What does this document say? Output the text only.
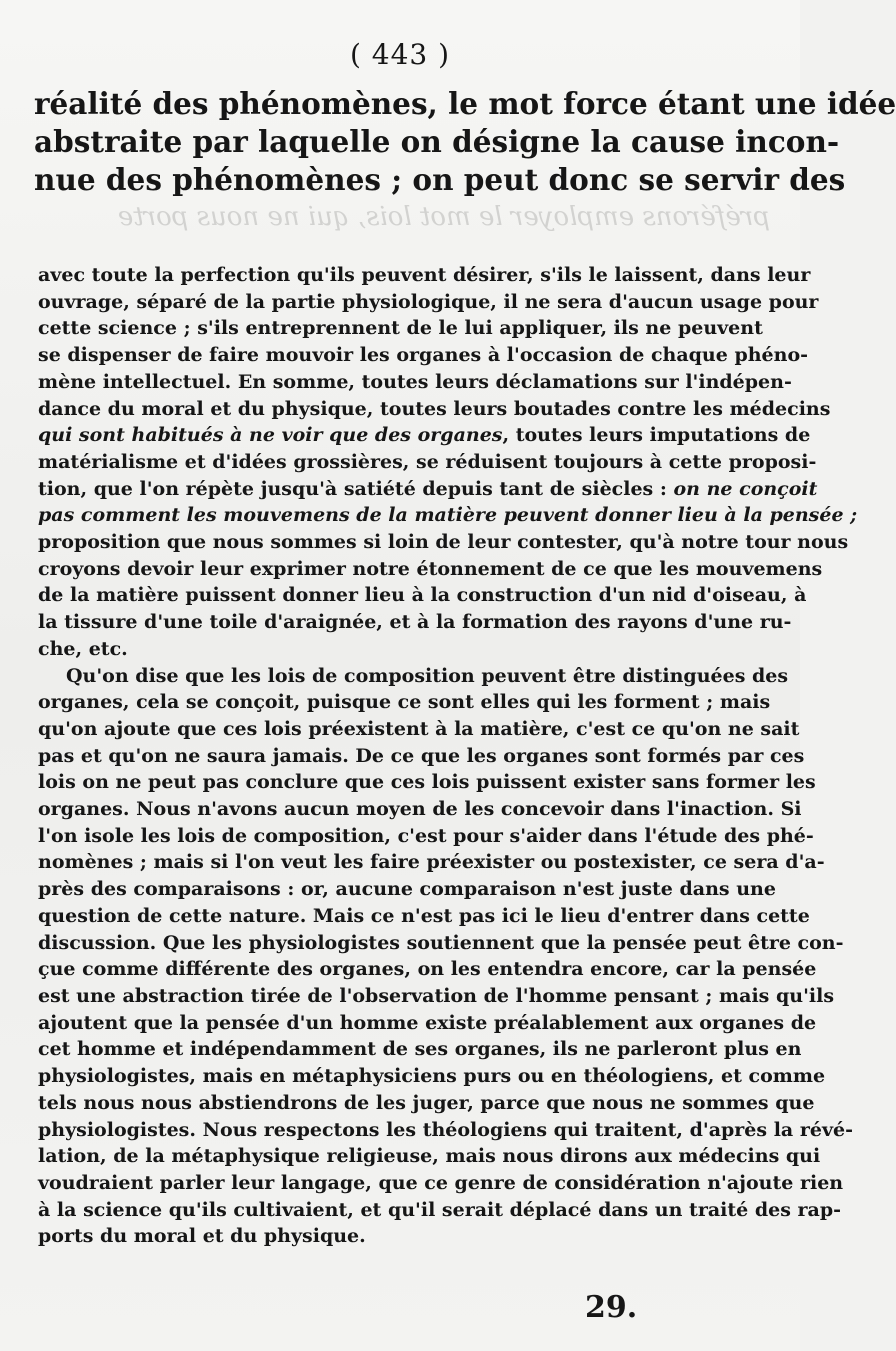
( 443 )
réalité des phénomènes, le mot force étant une idée
abstraite par laquelle on désigne la cause incon-
nue des phénomènes ; on peut donc se servir des
préférons employer le mot lois, qui ne nous porte
avec toute la perfection qu'ils peuvent désirer, s'ils le laissent, dans leur
ouvrage, séparé de la partie physiologique, il ne sera d'aucun usage pour
cette science ; s'ils entreprennent de le lui appliquer, ils ne peuvent
se dispenser de faire mouvoir les organes à l'occasion de chaque phéno-
mène intellectuel. En somme, toutes leurs déclamations sur l'indépen-
dance du moral et du physique, toutes leurs boutades contre les médecins
qui sont habitués à ne voir que des organes, toutes leurs imputations de
matérialisme et d'idées grossières, se réduisent toujours à cette proposi-
tion, que l'on répète jusqu'à satiété depuis tant de siècles : on ne conçoit
pas comment les mouvemens de la matière peuvent donner lieu à la pensée ;
proposition que nous sommes si loin de leur contester, qu'à notre tour nous
croyons devoir leur exprimer notre étonnement de ce que les mouvemens
de la matière puissent donner lieu à la construction d'un nid d'oiseau, à
la tissure d'une toile d'araignée, et à la formation des rayons d'une ru-
che, etc.
Qu'on dise que les lois de composition peuvent être distinguées des
organes, cela se conçoit, puisque ce sont elles qui les forment ; mais
qu'on ajoute que ces lois préexistent à la matière, c'est ce qu'on ne sait
pas et qu'on ne saura jamais. De ce que les organes sont formés par ces
lois on ne peut pas conclure que ces lois puissent exister sans former les
organes. Nous n'avons aucun moyen de les concevoir dans l'inaction. Si
l'on isole les lois de composition, c'est pour s'aider dans l'étude des phé-
nomènes ; mais si l'on veut les faire préexister ou postexister, ce sera d'a-
près des comparaisons : or, aucune comparaison n'est juste dans une
question de cette nature. Mais ce n'est pas ici le lieu d'entrer dans cette
discussion. Que les physiologistes soutiennent que la pensée peut être con-
çue comme différente des organes, on les entendra encore, car la pensée
est une abstraction tirée de l'observation de l'homme pensant ; mais qu'ils
ajoutent que la pensée d'un homme existe préalablement aux organes de
cet homme et indépendamment de ses organes, ils ne parleront plus en
physiologistes, mais en métaphysiciens purs ou en théologiens, et comme
tels nous nous abstiendrons de les juger, parce que nous ne sommes que
physiologistes. Nous respectons les théologiens qui traitent, d'après la révé-
lation, de la métaphysique religieuse, mais nous dirons aux médecins qui
voudraient parler leur langage, que ce genre de considération n'ajoute rien
à la science qu'ils cultivaient, et qu'il serait déplacé dans un traité des rap-
ports du moral et du physique.
29.
